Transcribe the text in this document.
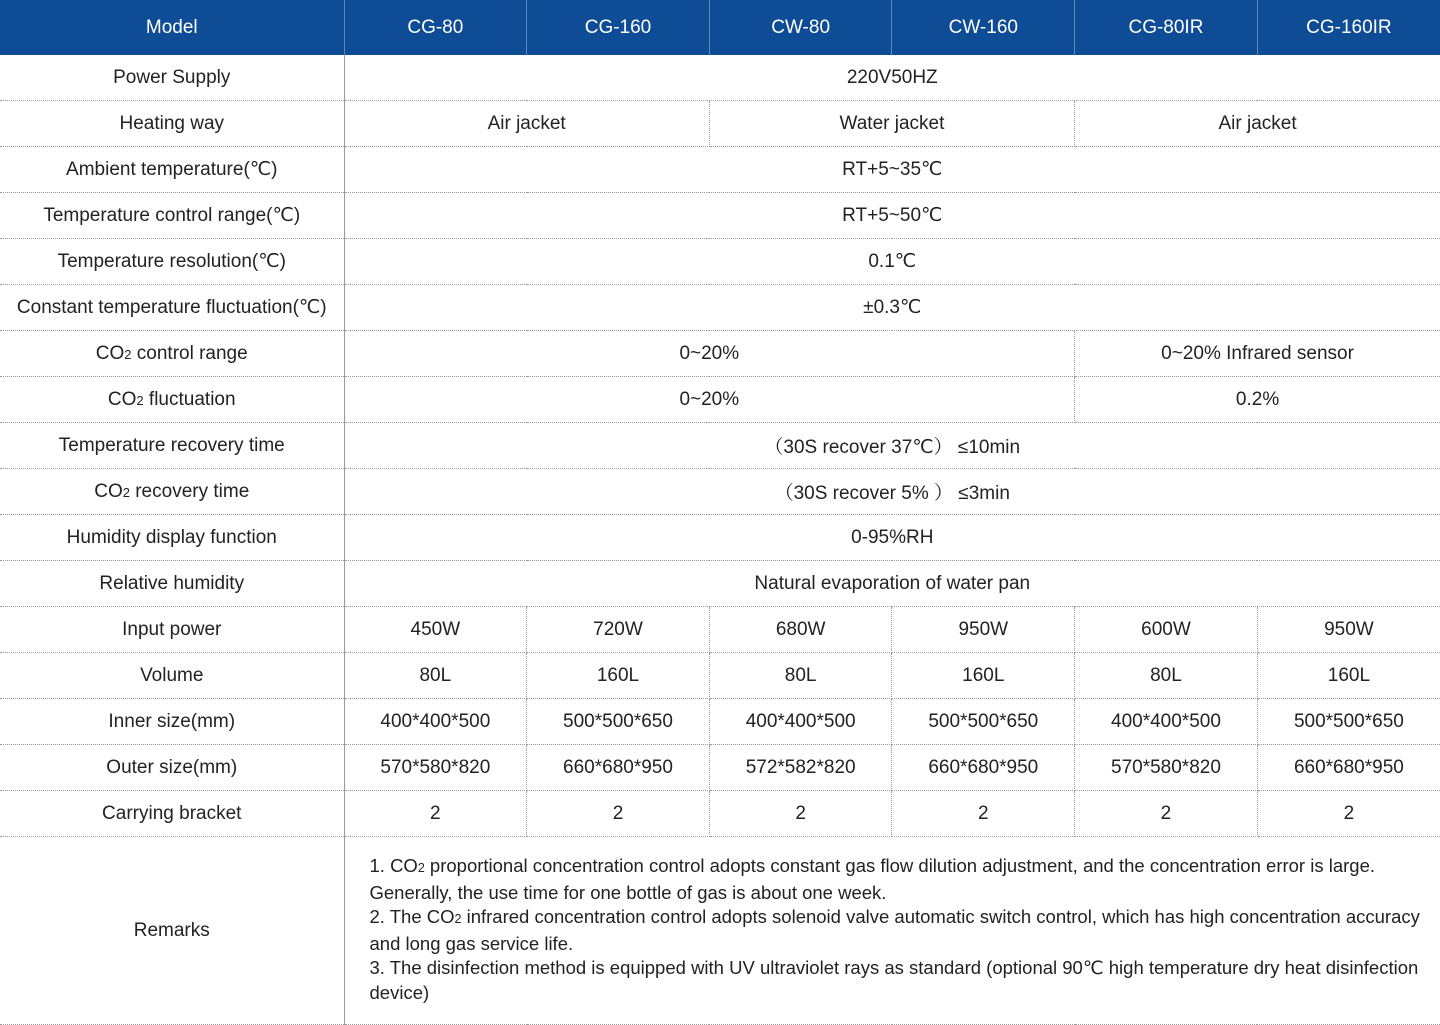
Model	CG-80	CG-160	CW-80	CW-160	CG-80IR	CG-160IR
Power Supply	220V50HZ					
Heating way	Air jacket		Water jacket		Air jacket	
Ambient temperature(℃)	RT+5~35℃					
Temperature control range(℃)	RT+5~50℃					
Temperature resolution(℃)	0.1℃					
Constant temperature fluctuation(℃)	±0.3℃					
CO2 control range	0~20%				0~20% Infrared sensor	
CO2 fluctuation	0~20%				0.2%	
Temperature recovery time	（30S recover 37℃） ≤10min					
CO2 recovery time	（30S recover 5% ） ≤3min					
Humidity display function	0-95%RH					
Relative humidity	Natural evaporation of water pan					
Input power	450W	720W	680W	950W	600W	950W
Volume	80L	160L	80L	160L	80L	160L
Inner size(mm)	400*400*500	500*500*650	400*400*500	500*500*650	400*400*500	500*500*650
Outer size(mm)	570*580*820	660*680*950	572*582*820	660*680*950	570*580*820	660*680*950
Carrying bracket	2	2	2	2	2	2
Remarks	1. CO2 proportional concentration control adopts constant gas flow dilution adjustment, and the concentration error is large. Generally, the use time for one bottle of gas is about one week.
2. The CO2 infrared concentration control adopts solenoid valve automatic switch control, which has high concentration accuracy and long gas service life.
3. The disinfection method is equipped with UV ultraviolet rays as standard (optional 90℃ high temperature dry heat disinfection device)					
